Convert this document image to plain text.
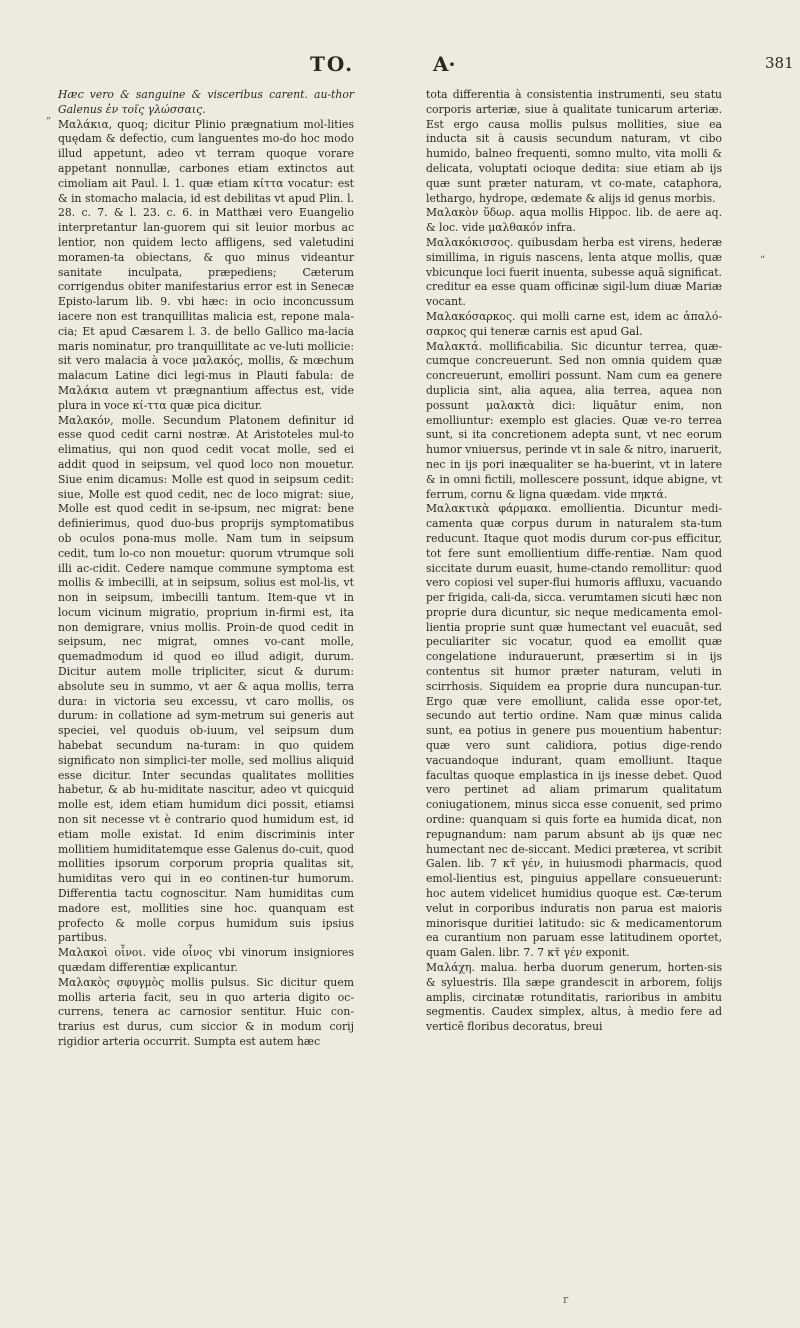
TO.	A·	381

Hæc vero & sanguine & visceribus carent. au-thor Galenus ἐν τοῖς γλώσσαις.

Μαλάκια, quoq; dicitur Plinio prægnatium mol-lities quędam & defectio, cum languentes mo-do hoc modo illud appetunt, adeo vt terram quoque vorare appetant nonnullæ, carbones etiam extinctos aut cimoliam ait Paul. l. 1. quæ etiam κίττα vocatur: est & in stomacho malacia, id est debilitas vt apud Plin. l. 28. c. 7. & l. 23. c. 6. in Matthæi vero Euangelio interpretantur lan-guorem qui sit leuior morbus ac lentior, non quidem lecto affligens, sed valetudini moramen-ta obiectans, & quo minus videantur sanitate inculpata, præpediens; Cæterum corrigendus obiter manifestarius error est in Senecæ Episto-larum lib. 9. vbi hæc: in ocio inconcussum iacere non est tranquillitas malicia est, repone mala-cia; Et apud Cæsarem l. 3. de bello Gallico ma-lacia maris nominatur, pro tranquillitate ac ve-luti mollicie: sit vero malacia à voce μαλακός, mollis, & mœchum malacum Latine dici legi-mus in Plauti fabula: de Μαλάκια autem vt prægnantium affectus est, vide plura in voce κί-ττα quæ pica dicitur.

Μαλακόν, molle. Secundum Platonem definitur id esse quod cedit carni nostræ. At Aristoteles mul-to elimatius, qui non quod cedit vocat molle, sed ei addit quod in seipsum, vel quod loco non mouetur. Siue enim dicamus: Molle est quod in seipsum cedit: siue, Molle est quod cedit, nec de loco migrat: siue, Molle est quod cedit in se-ipsum, nec migrat: bene definierimus, quod duo-bus proprijs symptomatibus ob oculos pona-mus molle. Nam tum in seipsum cedit, tum lo-co non mouetur: quorum vtrumque soli illi ac-cidit. Cedere namque commune symptoma est mollis & imbecilli, at in seipsum, solius est mol-lis, vt non in seipsum, imbecilli tantum. Item-que vt in locum vicinum migratio, proprium in-firmi est, ita non demigrare, vnius mollis. Proin-de quod cedit in seipsum, nec migrat, omnes vo-cant molle, quemadmodum id quod eo illud adigit, durum. Dicitur autem molle tripliciter, sicut & durum: absolute seu in summo, vt aer & aqua mollis, terra dura: in victoria seu excessu, vt caro mollis, os durum: in collatione ad sym-metrum sui generis aut speciei, vel quoduis ob-iuum, vel seipsum dum habebat secundum na-turam: in quo quidem significato non simplici-ter molle, sed mollius aliquid esse dicitur. Inter secundas qualitates mollities habetur, & ab hu-miditate nascitur, adeo vt quicquid molle est, idem etiam humidum dici possit, etiamsi non sit necesse vt è contrario quod humidum est, id etiam molle existat. Id enim discriminis inter mollitiem humiditatemque esse Galenus do-cuit, quod mollities ipsorum corporum propria qualitas sit, humiditas vero qui in eo continen-tur humorum. Differentia tactu cognoscitur. Nam humiditas cum madore est, mollities sine hoc. quanquam est profecto & molle corpus humidum suis ipsius partibus.

Μαλακοὶ οἶνοι. vide οἶνος vbi vinorum insigniores quædam differentiæ explicantur.

Μαλακὸς σφυγμὸς mollis pulsus. Sic dicitur quem mollis arteria facit, seu in quo arteria digito oc-currens, tenera ac carnosior sentitur. Huic con-trarius est durus, cum siccior & in modum corij rigidior arteria occurrit. Sumpta est autem hæc

tota differentia à consistentia instrumenti, seu statu corporis arteriæ, siue à qualitate tunicarum arteriæ. Est ergo causa mollis pulsus mollities, siue ea inducta sit à causis secundum naturam, vt cibo humido, balneo frequenti, somno multo, vita molli & delicata, voluptati ocioque dedita: siue etiam ab ijs quæ sunt præter naturam, vt co-mate, cataphora, lethargo, hydrope, œdemate & alijs id genus morbis.

Μαλακὸν ὕδωρ. aqua mollis Hippoc. lib. de aere aq. & loc. vide μαλθακόν infra.

Μαλακόκισσος. quibusdam herba est virens, hederæ simillima, in riguis nascens, lenta atque mollis, quæ vbicunque loci fuerit inuenta, subesse aquā significat. creditur ea esse quam officinæ sigil-lum diuæ Mariæ vocant.

Μαλακόσαρκος. qui molli carne est, idem ac ἁπαλό-σαρκος qui teneræ carnis est apud Gal.

Μαλακτά. mollificabilia. Sic dicuntur terrea, quæ-cumque concreuerunt. Sed non omnia quidem quæ concreuerunt, emolliri possunt. Nam cum ea genere duplicia sint, alia aquea, alia terrea, aquea non possunt μαλακτὰ dici: liquātur enim, non emolliuntur: exemplo est glacies. Quæ ve-ro terrea sunt, si ita concretionem adepta sunt, vt nec eorum humor vniuersus, perinde vt in sale & nitro, inaruerit, nec in ijs pori inæqualiter se ha-buerint, vt in latere & in omni fictili, mollescere possunt, idque abigne, vt ferrum, cornu & ligna quædam. vide πηκτά.

Μαλακτικὰ φάρμακα. emollientia. Dicuntur medi-camenta quæ corpus durum in naturalem sta-tum reducunt. Itaque quot modis durum cor-pus efficitur, tot fere sunt emollientium diffe-rentiæ. Nam quod siccitate durum euasit, hume-ctando remollitur: quod vero copiosi vel super-flui humoris affluxu, vacuando per frigida, cali-da, sicca. verumtamen sicuti hæc non proprie dura dicuntur, sic neque medicamenta emol-lientia proprie sunt quæ humectant vel euacuāt, sed peculiariter sic vocatur, quod ea emollit quæ congelatione indurauerunt, præsertim si in ijs contentus sit humor præter naturam, veluti in scirrhosis. Siquidem ea proprie dura nuncupan-tur. Ergo quæ vere emolliunt, calida esse opor-tet, secundo aut tertio ordine. Nam quæ minus calida sunt, ea potius in genere pus mouentium habentur: quæ vero sunt calidiora, potius dige-rendo vacuandoque indurant, quam emolliunt. Itaque facultas quoque emplastica in ijs inesse debet. Quod vero pertinet ad aliam primarum qualitatum coniugationem, minus sicca esse conuenit, sed primo ordine: quanquam si quis forte ea humida dicat, non repugnandum: nam parum absunt ab ijs quæ nec humectant nec de-siccant. Medici præterea, vt scribit Galen. lib. 7 κτ̄ γέν, in huiusmodi pharmacis, quod emol-lientius est, pinguius appellare consueuerunt: hoc autem videlicet humidius quoque est. Cæ-terum velut in corporibus induratis non parua est maioris minorisque duritiei latitudo: sic & medicamentorum ea curantium non paruam esse latitudinem oportet, quam Galen. libr. 7. 7 κτ̄ γέν exponit.

Μαλάχη. malua. herba duorum generum, horten-sis & syluestris. Illa sæpe grandescit in arborem, folijs amplis, circinatæ rotunditatis, rarioribus in ambitu segmentis. Caudex simplex, altus, à medio fere ad verticē floribus decoratus, breui

„
“
r
